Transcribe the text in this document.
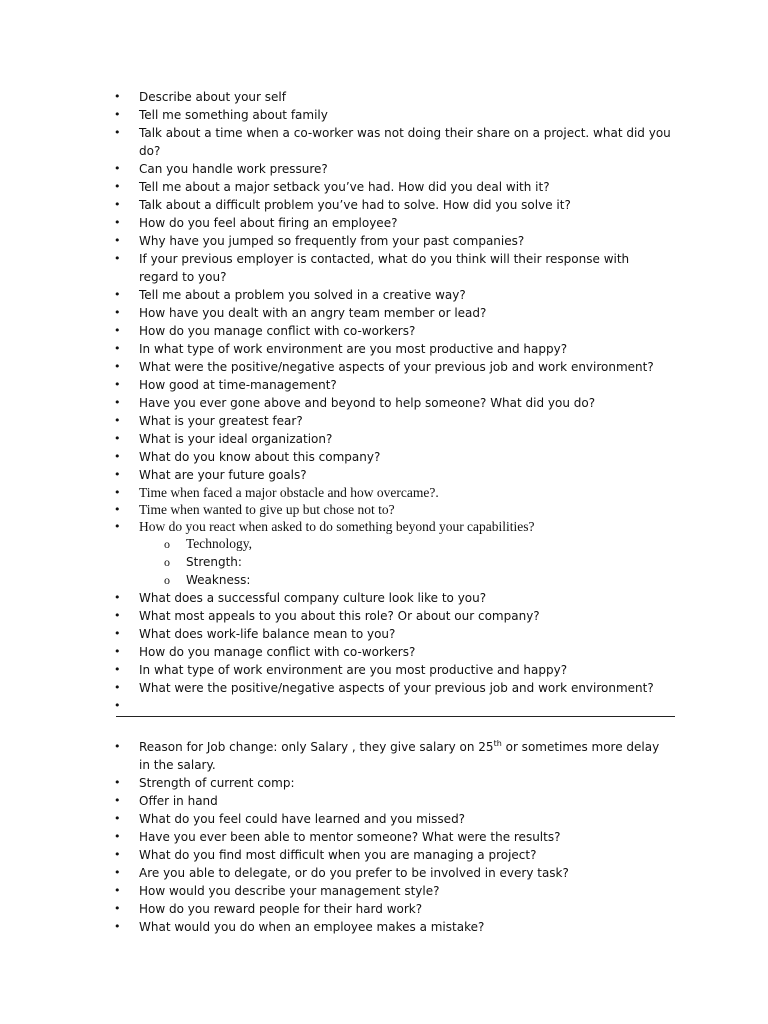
• Describe about your self
• Tell me something about family
• Talk about a time when a co-worker was not doing their share on a project. what did you do?
• Can you handle work pressure?
• Tell me about a major setback you’ve had. How did you deal with it?
• Talk about a difficult problem you’ve had to solve. How did you solve it?
• How do you feel about firing an employee?
• Why have you jumped so frequently from your past companies?
• If your previous employer is contacted, what do you think will their response with regard to you?
• Tell me about a problem you solved in a creative way?
• How have you dealt with an angry team member or lead?
• How do you manage conflict with co-workers?
• In what type of work environment are you most productive and happy?
• What were the positive/negative aspects of your previous job and work environment?
• How good at time-management?
• Have you ever gone above and beyond to help someone? What did you do?
• What is your greatest fear?
• What is your ideal organization?
• What do you know about this company?
• What are your future goals?
• Time when faced a major obstacle and how overcame?.
• Time when wanted to give up but chose not to?
• How do you react when asked to do something beyond your capabilities?
o Technology,
o Strength:
o Weakness:
• What does a successful company culture look like to you?
• What most appeals to you about this role? Or about our company?
• What does work-life balance mean to you?
• How do you manage conflict with co-workers?
• In what type of work environment are you most productive and happy?
• What were the positive/negative aspects of your previous job and work environment?
•
• Reason for Job change: only Salary , they give salary on 25th or sometimes more delay in the salary.
• Strength of current comp:
• Offer in hand
• What do you feel could have learned and you missed?
• Have you ever been able to mentor someone? What were the results?
• What do you find most difficult when you are managing a project?
• Are you able to delegate, or do you prefer to be involved in every task?
• How would you describe your management style?
• How do you reward people for their hard work?
• What would you do when an employee makes a mistake?
